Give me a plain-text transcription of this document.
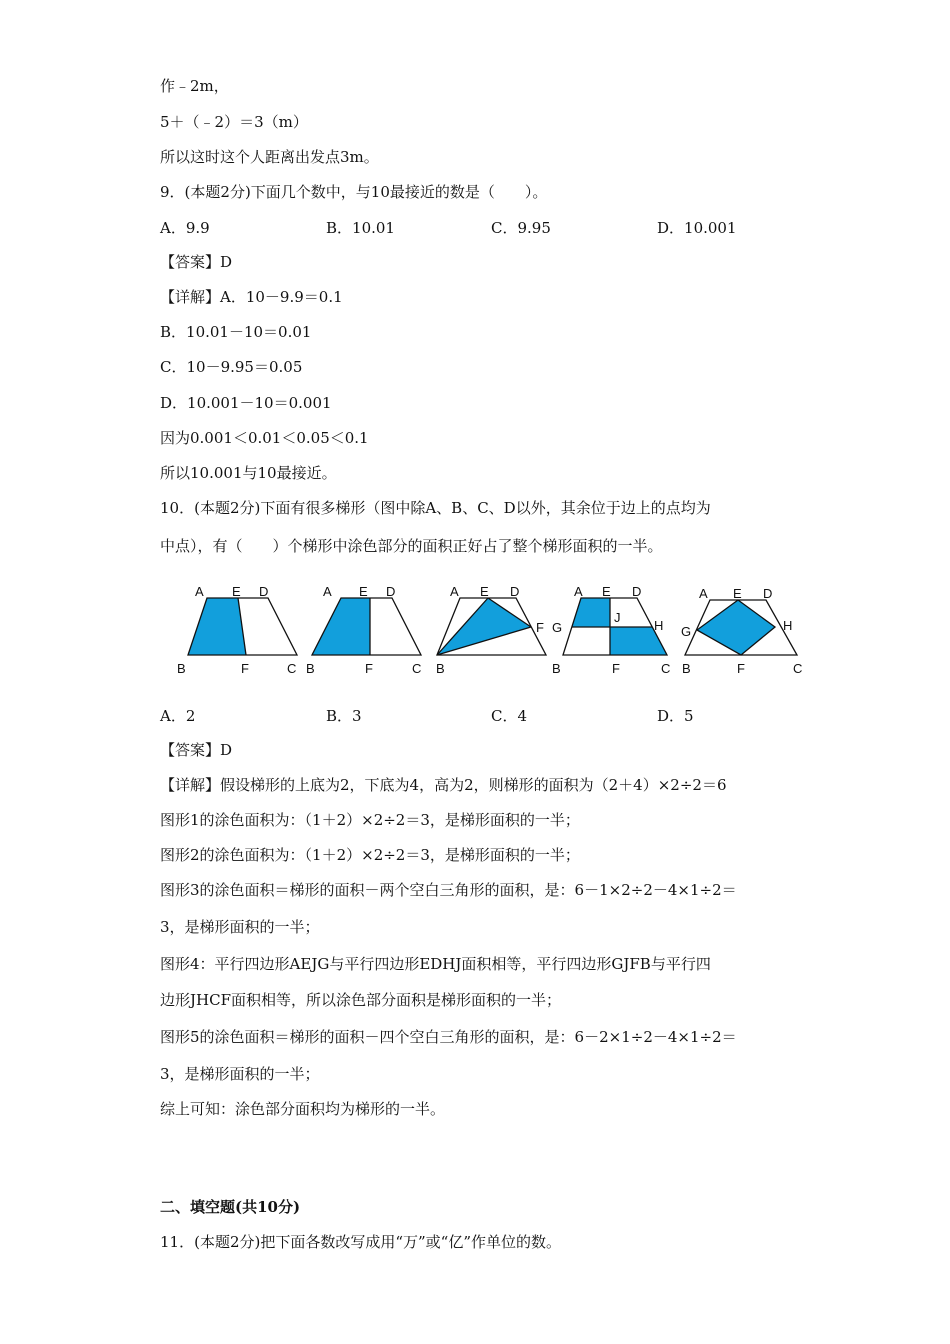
作﹣2m，
5＋（﹣2）＝3（m）
所以这时这个人距离出发点3m。
9．(本题2分)下面几个数中，与10最接近的数是（　　）。
A．9.9	B．10.01	C．9.95	D．10.001
【答案】D
【详解】A．10－9.9＝0.1
B．10.01－10＝0.01
C．10－9.95＝0.05
D．10.001－10＝0.001
因为0.001＜0.01＜0.05＜0.1
所以10.001与10最接近。
10．(本题2分)下面有很多梯形（图中除A、B、C、D以外，其余位于边上的点均为
中点），有（　　）个梯形中涂色部分的面积正好占了整个梯形面积的一半。
A E D
B	F	C
A E D
B	F	C
A E D
F
B
A E D
G
J
H
B	F	C
A E D
G	H
B	F	C
A．2	B．3	C．4	D．5
【答案】D
【详解】假设梯形的上底为2，下底为4，高为2，则梯形的面积为（2＋4）×2÷2＝6
图形1的涂色面积为：（1＋2）×2÷2＝3，是梯形面积的一半；
图形2的涂色面积为：（1＋2）×2÷2＝3，是梯形面积的一半；
图形3的涂色面积＝梯形的面积－两个空白三角形的面积，是：6－1×2÷2－4×1÷2＝
3，是梯形面积的一半；
图形4：平行四边形AEJG与平行四边形EDHJ面积相等，平行四边形GJFB与平行四
边形JHCF面积相等，所以涂色部分面积是梯形面积的一半；
图形5的涂色面积＝梯形的面积－四个空白三角形的面积，是：6－2×1÷2－4×1÷2＝
3，是梯形面积的一半；
综上可知：涂色部分面积均为梯形的一半。
二、填空题(共10分)
11．(本题2分)把下面各数改写成用“万”或“亿”作单位的数。
